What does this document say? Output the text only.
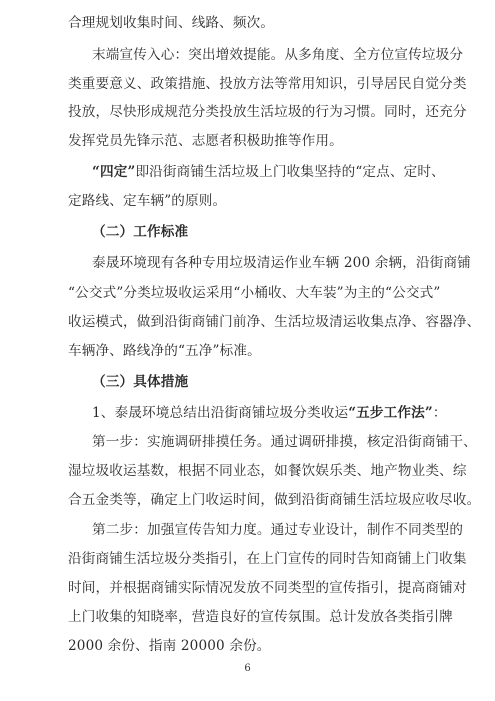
合理规划收集时间、线路、频次。
末端宣传入心：突出增效提能。从多角度、全方位宣传垃圾分
类重要意义、政策措施、投放方法等常用知识，引导居民自觉分类
投放，尽快形成规范分类投放生活垃圾的行为习惯。同时，还充分
发挥党员先锋示范、志愿者积极助推等作用。
“四定”即沿街商铺生活垃圾上门收集坚持的“定点、定时、
定路线、定车辆”的原则。
（二）工作标准
泰晟环境现有各种专用垃圾清运作业车辆 200 余辆，沿街商铺
“公交式”分类垃圾收运采用“小桶收、大车装”为主的“公交式”
收运模式，做到沿街商铺门前净、生活垃圾清运收集点净、容器净、
车辆净、路线净的“五净”标准。
（三）具体措施
1、泰晟环境总结出沿街商铺垃圾分类收运“五步工作法”：
第一步：实施调研排摸任务。通过调研排摸，核定沿街商铺干、
湿垃圾收运基数，根据不同业态，如餐饮娱乐类、地产物业类、综
合五金类等，确定上门收运时间，做到沿街商铺生活垃圾应收尽收。
第二步：加强宣传告知力度。通过专业设计，制作不同类型的
沿街商铺生活垃圾分类指引，在上门宣传的同时告知商铺上门收集
时间，并根据商铺实际情况发放不同类型的宣传指引，提高商铺对
上门收集的知晓率，营造良好的宣传氛围。总计发放各类指引牌
2000 余份、指南 20000 余份。
6
